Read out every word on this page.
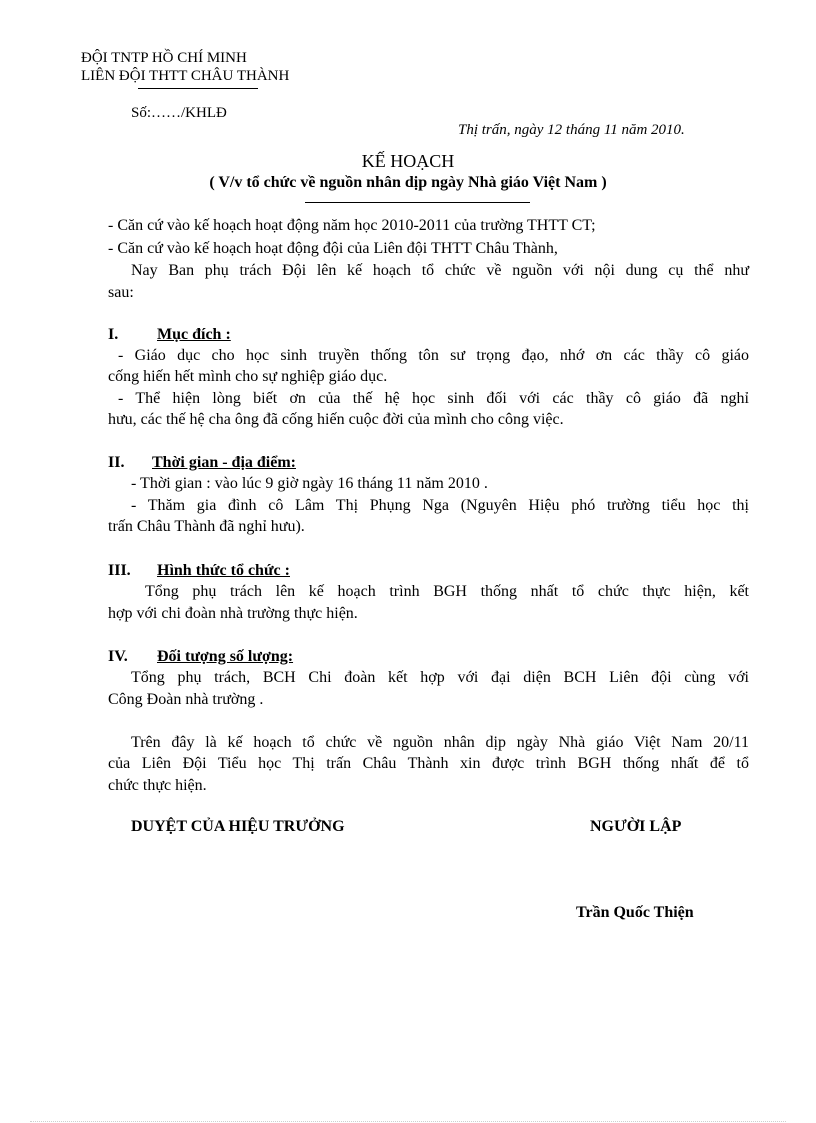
ĐỘI TNTP HỒ CHÍ MINH
LIÊN ĐỘI THTT CHÂU THÀNH
Số:……/KHLĐ
Thị trấn, ngày 12 tháng 11 năm 2010.
KẾ HOẠCH
( V/v tổ chức về nguồn nhân dịp ngày Nhà giáo Việt Nam )
- Căn cứ vào kế hoạch hoạt động năm học 2010-2011 của trường THTT CT;
- Căn cứ vào kế hoạch hoạt động đội của Liên đội THTT Châu Thành,
Nay Ban phụ trách Đội lên kế hoạch tổ chức về nguồn với nội dung cụ thể như
sau:
I. Mục đích :
- Giáo dục cho học sinh truyền thống tôn sư trọng đạo, nhớ ơn các thầy cô giáo
cống hiến hết mình cho sự nghiệp giáo dục.
- Thể hiện lòng biết ơn của thế hệ học sinh đối với các thầy cô giáo đã nghỉ
hưu, các thế hệ cha ông đã cống hiến cuộc đời của mình cho công việc.
II. Thời gian - địa điểm:
- Thời gian : vào lúc 9 giờ ngày 16 tháng 11 năm 2010 .
- Thăm gia đình cô Lâm Thị Phụng Nga (Nguyên Hiệu phó trường tiểu học thị
trấn Châu Thành đã nghỉ hưu).
III. Hình thức tổ chức :
Tổng phụ trách lên kế hoạch trình BGH thống nhất tổ chức thực hiện, kết
hợp với chi đoàn nhà trường thực hiện.
IV. Đối tượng số lượng:
Tổng phụ trách, BCH Chi đoàn kết hợp với đại diện BCH Liên đội cùng với
Công Đoàn nhà trường .
Trên đây là kế hoạch tổ chức về nguồn nhân dịp ngày Nhà giáo Việt Nam 20/11
của Liên Đội Tiểu học Thị trấn Châu Thành xin được trình BGH thống nhất để tổ
chức thực hiện.
DUYỆT CỦA HIỆU TRƯỞNG	NGƯỜI LẬP
Trần Quốc Thiện
